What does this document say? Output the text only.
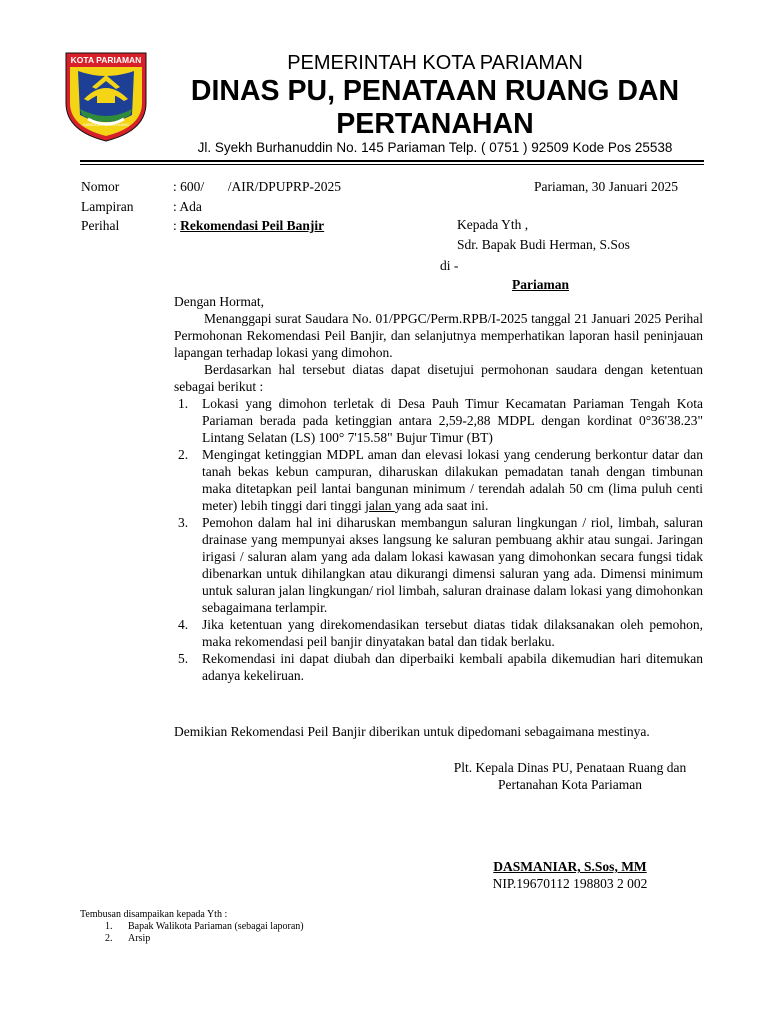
KOTA PARIAMAN
SABIDUAK SADAYUANG
PEMERINTAH KOTA PARIAMAN
DINAS PU, PENATAAN RUANG DAN
PERTANAHAN
Jl. Syekh Burhanuddin No. 145 Pariaman Telp. ( 0751 ) 92509 Kode Pos 25538
Nomor	: 600/       /AIR/DPUPRP-2025	Pariaman, 30 Januari 2025
Lampiran	: Ada
Perihal	: Rekomendasi Peil Banjir	Kepada Yth ,
Sdr. Bapak Budi Herman, S.Sos
di -
Pariaman

Dengan Hormat,

Menanggapi surat Saudara No. 01/PPGC/Perm.RPB/I-2025 tanggal 21 Januari 2025 Perihal Permohonan Rekomendasi Peil Banjir, dan selanjutnya memperhatikan laporan hasil peninjauan lapangan terhadap lokasi yang dimohon.

Berdasarkan hal tersebut diatas dapat disetujui permohonan saudara dengan ketentuan sebagai berikut :

1. Lokasi yang dimohon terletak di Desa Pauh Timur Kecamatan Pariaman Tengah Kota Pariaman berada pada ketinggian antara 2,59-2,88 MDPL dengan kordinat 0°36'38.23" Lintang Selatan (LS) 100° 7'15.58" Bujur Timur (BT)
2. Mengingat ketinggian MDPL aman dan elevasi lokasi yang cenderung berkontur datar dan tanah bekas kebun campuran, diharuskan dilakukan pemadatan tanah dengan timbunan maka ditetapkan peil lantai bangunan minimum / terendah adalah 50 cm (lima puluh centi meter) lebih tinggi dari tinggi jalan yang ada saat ini.
3. Pemohon dalam hal ini diharuskan membangun saluran lingkungan / riol, limbah, saluran drainase yang mempunyai akses langsung ke saluran pembuang akhir atau sungai. Jaringan irigasi / saluran alam yang ada dalam lokasi kawasan yang dimohonkan secara fungsi tidak dibenarkan untuk dihilangkan atau dikurangi dimensi saluran yang ada. Dimensi minimum untuk saluran jalan lingkungan/ riol limbah, saluran drainase dalam lokasi yang dimohonkan sebagaimana terlampir.
4. Jika ketentuan yang direkomendasikan tersebut diatas tidak dilaksanakan oleh pemohon, maka rekomendasi peil banjir dinyatakan batal dan tidak berlaku.
5. Rekomendasi ini dapat diubah dan diperbaiki kembali apabila dikemudian hari ditemukan adanya kekeliruan.

Demikian Rekomendasi Peil Banjir diberikan untuk dipedomani sebagaimana mestinya.

Plt. Kepala Dinas PU, Penataan Ruang dan
Pertanahan Kota Pariaman
DASMANIAR, S.Sos, MM
NIP.19670112 198803 2 002
Tembusan disampaikan kepada Yth :
1. Bapak Walikota Pariaman (sebagai laporan)
2. Arsip
